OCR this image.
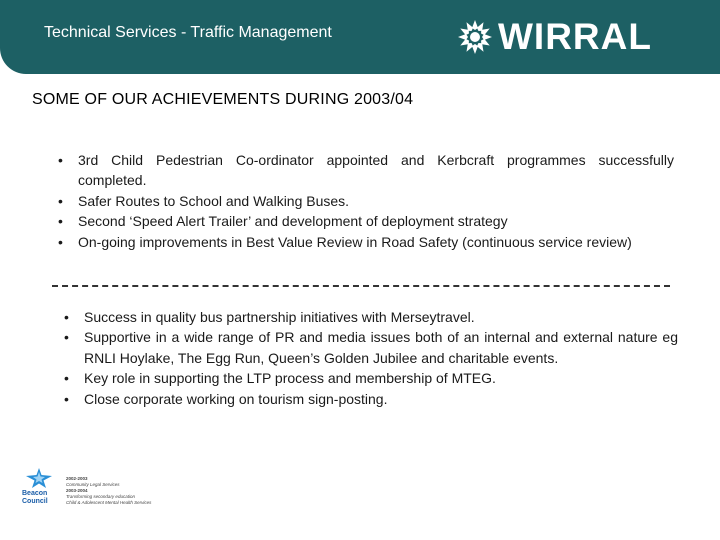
Technical Services - Traffic Management	WIRRAL
SOME OF OUR ACHIEVEMENTS DURING 2003/04
• 3rd Child Pedestrian Co-ordinator appointed and Kerbcraft programmes successfully completed.
• Safer Routes to School and Walking Buses.
• Second ‘Speed Alert Trailer’ and development of deployment strategy
• On-going improvements in Best Value Review in Road Safety (continuous service review)
• Success in quality bus partnership initiatives with Merseytravel.
• Supportive in a wide range of PR and media issues both of an internal and external nature eg RNLI Hoylake, The Egg Run, Queen’s Golden Jubilee and charitable events.
• Key role in supporting the LTP process and membership of MTEG.
• Close corporate working on tourism sign-posting.
Beacon
Council
2002-2003
Community Legal Services
2003-2004
Transforming secondary education
Child & Adolescent Mental Health Services
